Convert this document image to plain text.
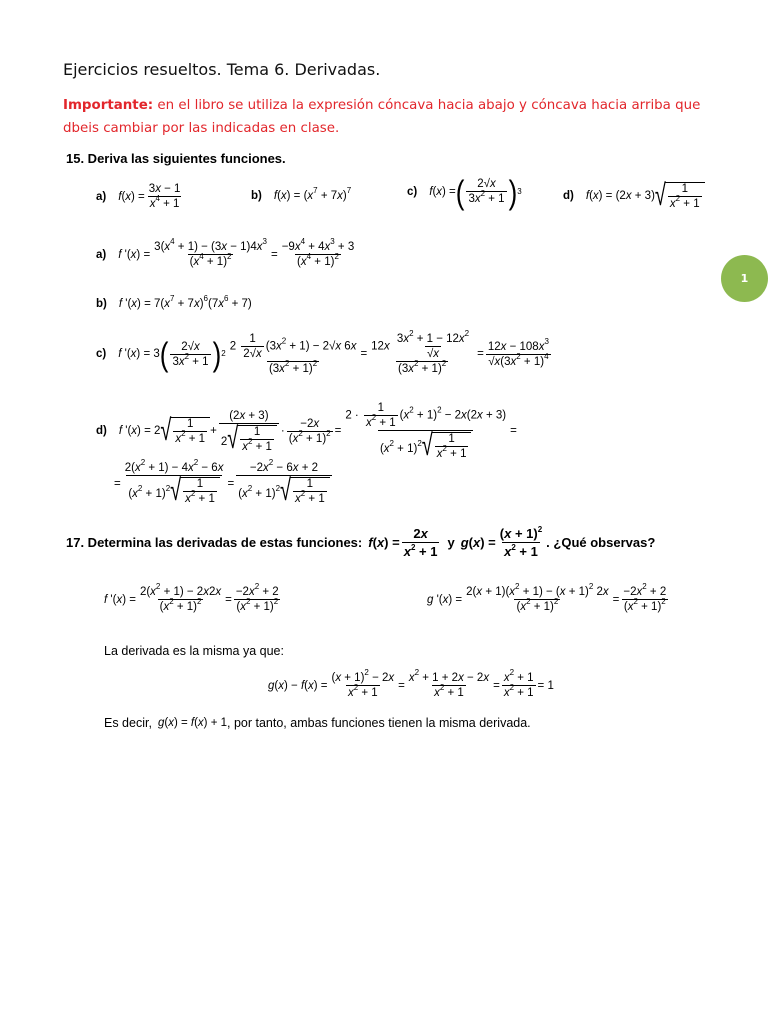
Ejercicios resueltos. Tema 6. Derivadas.
Importante: en el libro se utiliza la expresión cóncava hacia abajo y cóncava hacia arriba que dbeis cambiar por las indicadas en clase.
1
15. Deriva las siguientes funciones.
a) $f(x) = \frac{3x - 1}{x^4 + 1}$	b) $f(x) = (x^7 + 7x)^7$	c) f(x) = ( $\frac{2√x}{3x^2 + 1}$ ) 3	d) f(x) = (2x + 3) √ $\frac{1}{x^2 + 1}$
a) f '$(x) = \frac{3(x^4 + 1) - (3x - 1)4x^3}{(x^4 + 1)^2} = \frac{-9x^4 + 4x^3 + 3}{(x^4 + 1)^2}$
b) f '$(x) = 7(x^7 + 7x)^6(7x^6 + 7)$
c) f '(x) = 3 ( $\frac{2√x}{3x^2 + 1}$ ) $2 \frac{2 \frac{1}{2√x} (3x^2 + 1) - 2√x 6x}{(3x^2 + 1)^2} = \frac{12x \frac{3x^2 + 1 - 12x^2}{√x}}{(3x^2 + 1)^2} = \frac{12x - 108x^3}{√x(3x^2 + 1)^4}$
d) f '(x) = 2 √ $\frac{1}{x^2 + 1} + \frac{(2x + 3)}{2 √ \frac{1}{x^2 + 1}} \cdot \frac{-2x}{(x^2 + 1)^2} = \frac{2 \cdot \frac{1}{x^2 + 1} (x^2 + 1)^2 - 2x(2x + 3)}{(x^2 + 1)^2 √ \frac{1}{x^2 + 1}}$ =
= $\frac{2(x^2 + 1) - 4x^2 - 6x}{(x^2 + 1)^2 √ \frac{1}{x^2 + 1}} = \frac{-2x^2 - 6x + 2}{(x^2 + 1)^2 √ \frac{1}{x^2 + 1}}$
17. Determina las derivadas de estas funciones: $f(x) = \frac{2x}{x^2 + 1}$ y $g(x) = \frac{(x + 1)^2}{x^2 + 1}$ . ¿Qué observas?
f '$(x) = \frac{2(x^2 + 1) - 2x2x}{(x^2 + 1)^2} = \frac{-2x^2 + 2}{(x^2 + 1)^2}$	g '$(x) = \frac{2(x + 1)(x^2 + 1) - (x + 1)^2 2x}{(x^2 + 1)^2} = \frac{-2x^2 + 2}{(x^2 + 1)^2}$
La derivada es la misma ya que:
$g(x) - f(x) = \frac{(x + 1)^2 - 2x}{x^2 + 1} = \frac{x^2 + 1 + 2x - 2x}{x^2 + 1} = \frac{x^2 + 1}{x^2 + 1} = 1$
Es decir, g(x) = f(x) + 1 , por tanto, ambas funciones tienen la misma derivada.
